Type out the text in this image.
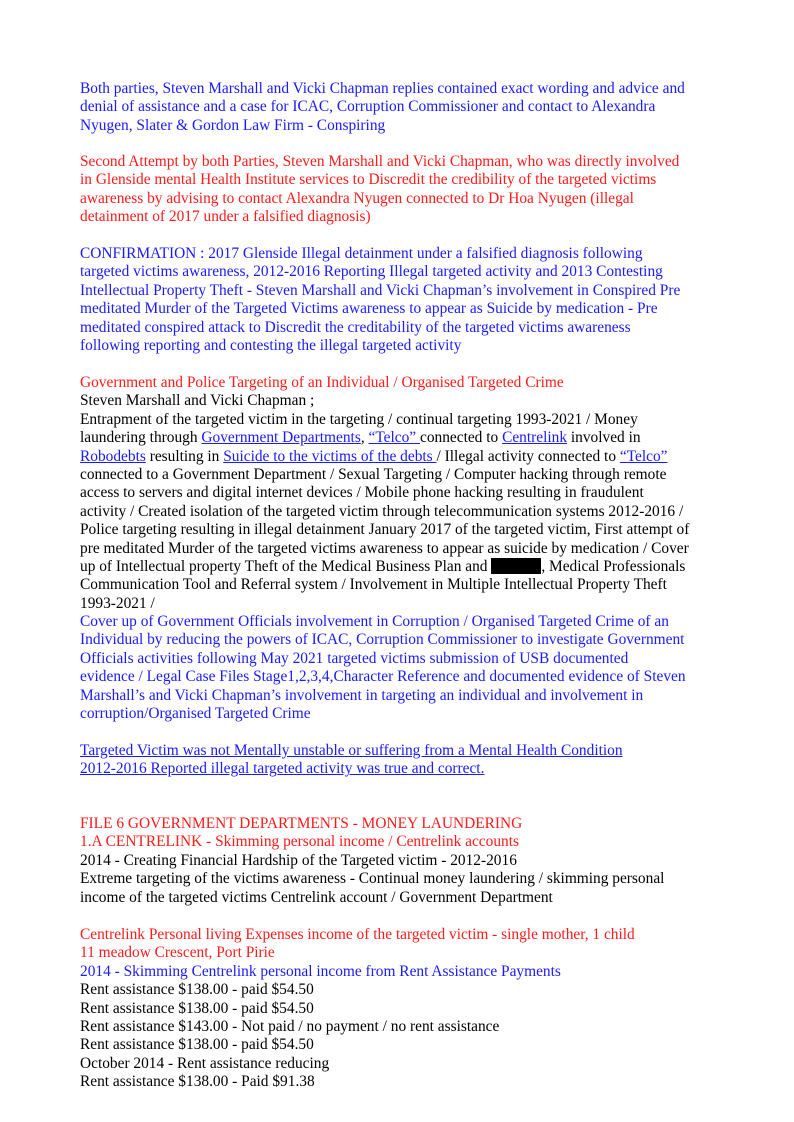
Both parties, Steven Marshall and Vicki Chapman replies contained exact wording and advice and
denial of assistance and a case for ICAC, Corruption Commissioner and contact to Alexandra
Nyugen, Slater & Gordon Law Firm - Conspiring
Second Attempt by both Parties, Steven Marshall and Vicki Chapman, who was directly involved
in Glenside mental Health Institute services to Discredit the credibility of the targeted victims
awareness by advising to contact Alexandra Nyugen connected to Dr Hoa Nyugen (illegal
detainment of 2017 under a falsified diagnosis)
CONFIRMATION : 2017 Glenside Illegal detainment under a falsified diagnosis following
targeted victims awareness, 2012-2016 Reporting Illegal targeted activity and 2013 Contesting
Intellectual Property Theft - Steven Marshall and Vicki Chapman’s involvement in Conspired Pre
meditated Murder of the Targeted Victims awareness to appear as Suicide by medication - Pre
meditated conspired attack to Discredit the creditability of the targeted victims awareness
following reporting and contesting the illegal targeted activity
Government and Police Targeting of an Individual / Organised Targeted Crime
Steven Marshall and Vicki Chapman ;
Entrapment of the targeted victim in the targeting / continual targeting 1993-2021 / Money
laundering through Government Departments, “Telco” connected to Centrelink involved in
Robodebts resulting in Suicide to the victims of the debts / Illegal activity connected to “Telco”
connected to a Government Department / Sexual Targeting / Computer hacking through remote
access to servers and digital internet devices / Mobile phone hacking resulting in fraudulent
activity / Created isolation of the targeted victim through telecommunication systems 2012-2016 /
Police targeting resulting in illegal detainment January 2017 of the targeted victim, First attempt of
pre meditated Murder of the targeted victims awareness to appear as suicide by medication / Cover
up of Intellectual property Theft of the Medical Business Plan and	, Medical Professionals
Communication Tool and Referral system / Involvement in Multiple Intellectual Property Theft
1993-2021 /
Cover up of Government Officials involvement in Corruption / Organised Targeted Crime of an
Individual by reducing the powers of ICAC, Corruption Commissioner to investigate Government
Officials activities following May 2021 targeted victims submission of USB documented
evidence / Legal Case Files Stage1,2,3,4,Character Reference and documented evidence of Steven
Marshall’s and Vicki Chapman’s involvement in targeting an individual and involvement in
corruption/Organised Targeted Crime
Targeted Victim was not Mentally unstable or suffering from a Mental Health Condition
2012-2016 Reported illegal targeted activity was true and correct.
FILE 6 GOVERNMENT DEPARTMENTS - MONEY LAUNDERING
1.A CENTRELINK - Skimming personal income / Centrelink accounts
2014 - Creating Financial Hardship of the Targeted victim - 2012-2016
Extreme targeting of the victims awareness - Continual money laundering / skimming personal
income of the targeted victims Centrelink account / Government Department
Centrelink Personal living Expenses income of the targeted victim - single mother, 1 child
11 meadow Crescent, Port Pirie
2014 - Skimming Centrelink personal income from Rent Assistance Payments
Rent assistance $138.00 - paid $54.50
Rent assistance $138.00 - paid $54.50
Rent assistance $143.00 - Not paid / no payment / no rent assistance
Rent assistance $138.00 - paid $54.50
October 2014 - Rent assistance reducing
Rent assistance $138.00 - Paid $91.38
